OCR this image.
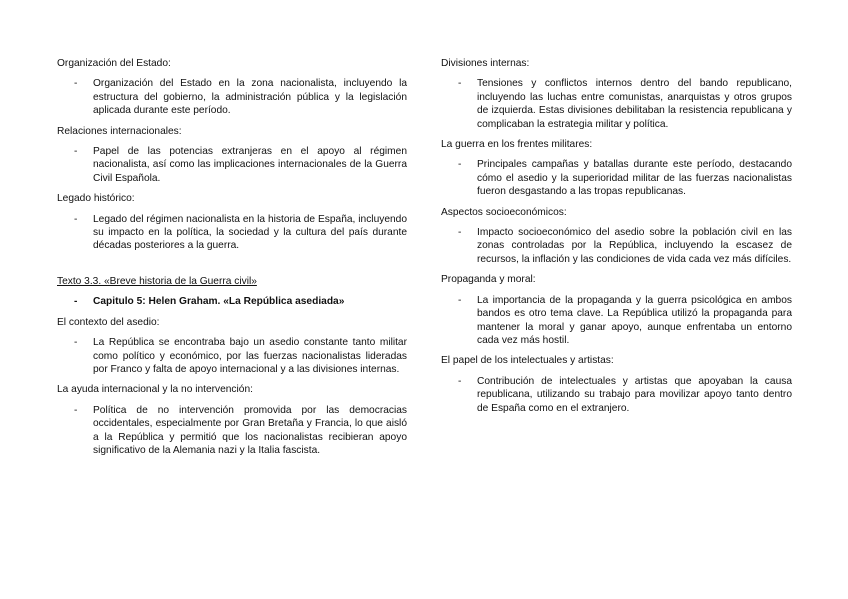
Organización del Estado:
- Organización del Estado en la zona nacionalista, incluyendo la estructura del gobierno, la administración pública y la legislación aplicada durante este período.
Relaciones internacionales:
- Papel de las potencias extranjeras en el apoyo al régimen nacionalista, así como las implicaciones internacionales de la Guerra Civil Española.
Legado histórico:
- Legado del régimen nacionalista en la historia de España, incluyendo su impacto en la política, la sociedad y la cultura del país durante décadas posteriores a la guerra.
Texto 3.3. «Breve historia de la Guerra civil»
- Capitulo 5: Helen Graham. «La República asediada»
El contexto del asedio:
- La República se encontraba bajo un asedio constante tanto militar como político y económico, por las fuerzas nacionalistas lideradas por Franco y falta de apoyo internacional y a las divisiones internas.
La ayuda internacional y la no intervención:
- Política de no intervención promovida por las democracias occidentales, especialmente por Gran Bretaña y Francia, lo que aisló a la República y permitió que los nacionalistas recibieran apoyo significativo de la Alemania nazi y la Italia fascista.
Divisiones internas:
- Tensiones y conflictos internos dentro del bando republicano, incluyendo las luchas entre comunistas, anarquistas y otros grupos de izquierda. Estas divisiones debilitaban la resistencia republicana y complicaban la estrategia militar y política.
La guerra en los frentes militares:
- Principales campañas y batallas durante este período, destacando cómo el asedio y la superioridad militar de las fuerzas nacionalistas fueron desgastando a las tropas republicanas.
Aspectos socioeconómicos:
- Impacto socioeconómico del asedio sobre la población civil en las zonas controladas por la República, incluyendo la escasez de recursos, la inflación y las condiciones de vida cada vez más difíciles.
Propaganda y moral:
- La importancia de la propaganda y la guerra psicológica en ambos bandos es otro tema clave. La República utilizó la propaganda para mantener la moral y ganar apoyo, aunque enfrentaba un entorno cada vez más hostil.
El papel de los intelectuales y artistas:
- Contribución de intelectuales y artistas que apoyaban la causa republicana, utilizando su trabajo para movilizar apoyo tanto dentro de España como en el extranjero.
